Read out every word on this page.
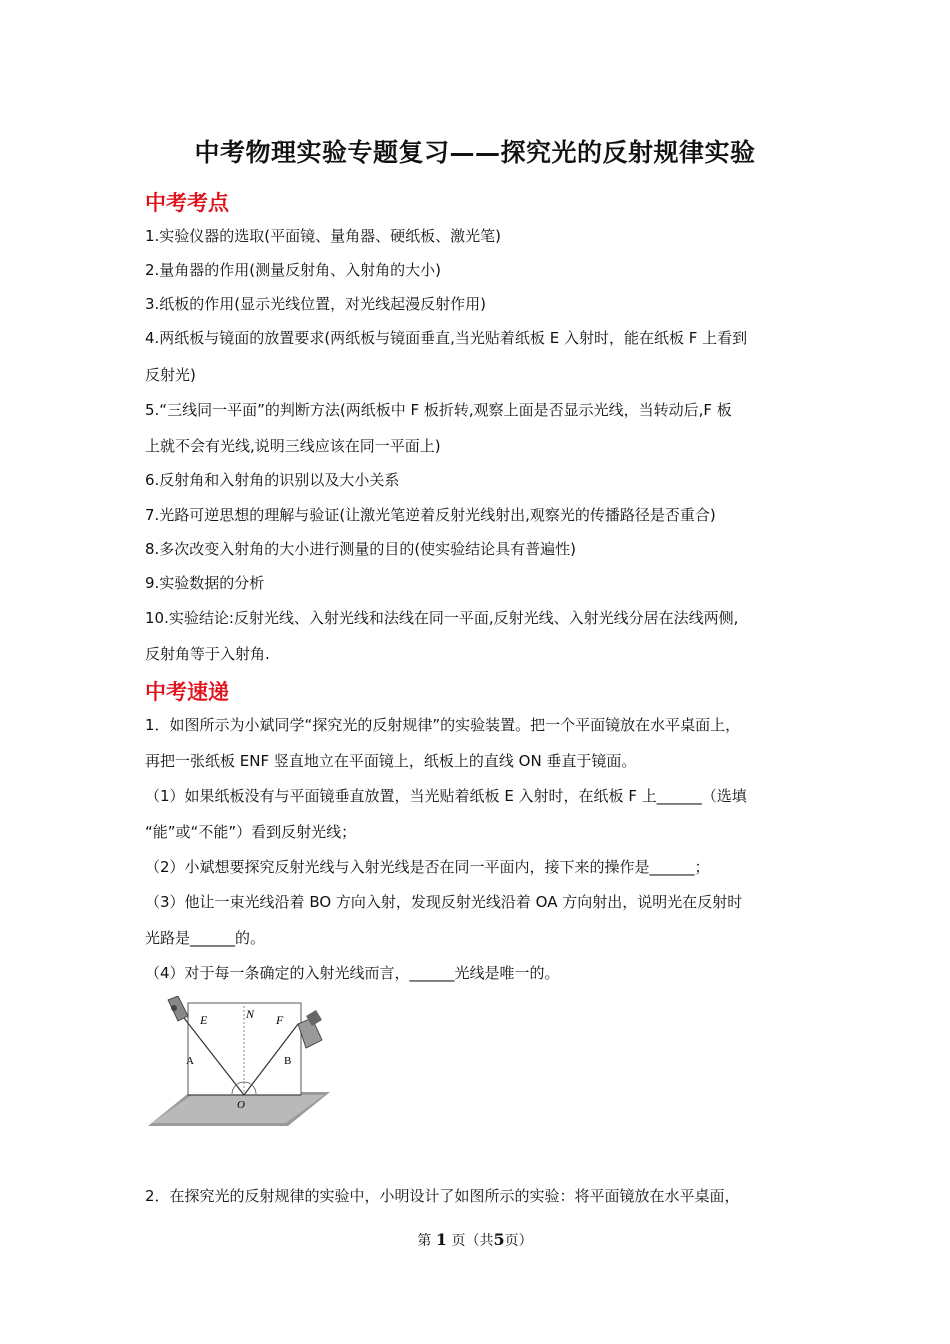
中考物理实验专题复习——探究光的反射规律实验
中考考点
1.实验仪器的选取(平面镜、量角器、硬纸板、激光笔)
2.量角器的作用(测量反射角、入射角的大小)
3.纸板的作用(显示光线位置，对光线起漫反射作用)
4.两纸板与镜面的放置要求(两纸板与镜面垂直,当光贴着纸板 E 入射时，能在纸板 F 上看到
反射光)
5.“三线同一平面”的判断方法(两纸板中 F 板折转,观察上面是否显示光线，当转动后,F 板
上就不会有光线,说明三线应该在同一平面上)
6.反射角和入射角的识别以及大小关系
7.光路可逆思想的理解与验证(让激光笔逆着反射光线射出,观察光的传播路径是否重合)
8.多次改变入射角的大小进行测量的目的(使实验结论具有普遍性)
9.实验数据的分析
10.实验结论:反射光线、入射光线和法线在同一平面,反射光线、入射光线分居在法线两侧,
反射角等于入射角.
中考速递
1．如图所示为小斌同学“探究光的反射规律”的实验装置。把一个平面镜放在水平桌面上，
再把一张纸板 ENF 竖直地立在平面镜上，纸板上的直线 ON 垂直于镜面。
（1）如果纸板没有与平面镜垂直放置，当光贴着纸板 E 入射时，在纸板 F 上______（选填
“能”或“不能”）看到反射光线；
（2）小斌想要探究反射光线与入射光线是否在同一平面内，接下来的操作是______；
（3）他让一束光线沿着 BO 方向入射，发现反射光线沿着 OA 方向射出，说明光在反射时
光路是______的。
（4）对于每一条确定的入射光线而言，______光线是唯一的。
E	N F
A	B
O
2．在探究光的反射规律的实验中，小明设计了如图所示的实验：将平面镜放在水平桌面，
第 1 页（共5页）
